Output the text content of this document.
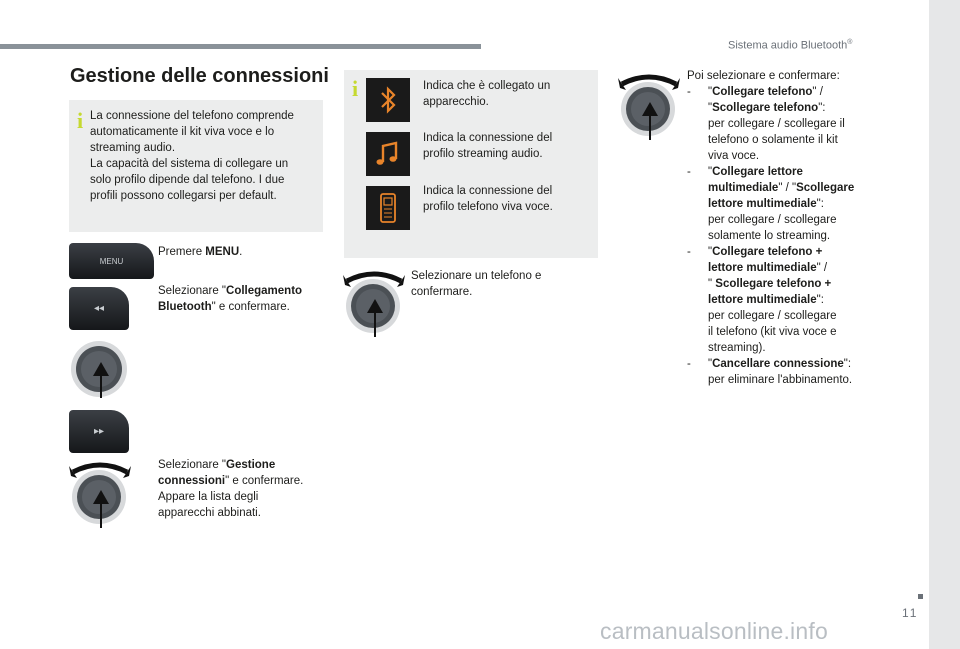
Sistema audio Bluetooth®
11
carmanualsonline.info
Gestione delle connessioni
i La connessione del telefono comprende
automaticamente il kit viva voce e lo
streaming audio.
La capacità del sistema di collegare un
solo profilo dipende dal telefono. I due
profili possono collegarsi per default.
MENU
Premere MENU.
◂◂
Selezionare "Collegamento
Bluetooth" e confermare.
▸▸
Selezionare "Gestione
connessioni" e confermare.
Appare la lista degli
apparecchi abbinati.
i	Indica che è collegato un
apparecchio.
Indica la connessione del
profilo streaming audio.
Indica la connessione del
profilo telefono viva voce.
Selezionare un telefono e
confermare.
Poi selezionare e confermare:
- "Collegare telefono" /
"Scollegare telefono":
per collegare / scollegare il
telefono o solamente il kit
viva voce.
- "Collegare lettore
multimediale" / "Scollegare
lettore multimediale":
per collegare / scollegare
solamente lo streaming.
- "Collegare telefono +
lettore multimediale" /
" Scollegare telefono +
lettore multimediale":
per collegare / scollegare
il telefono (kit viva voce e
streaming).
- "Cancellare connessione":
per eliminare l'abbinamento.
